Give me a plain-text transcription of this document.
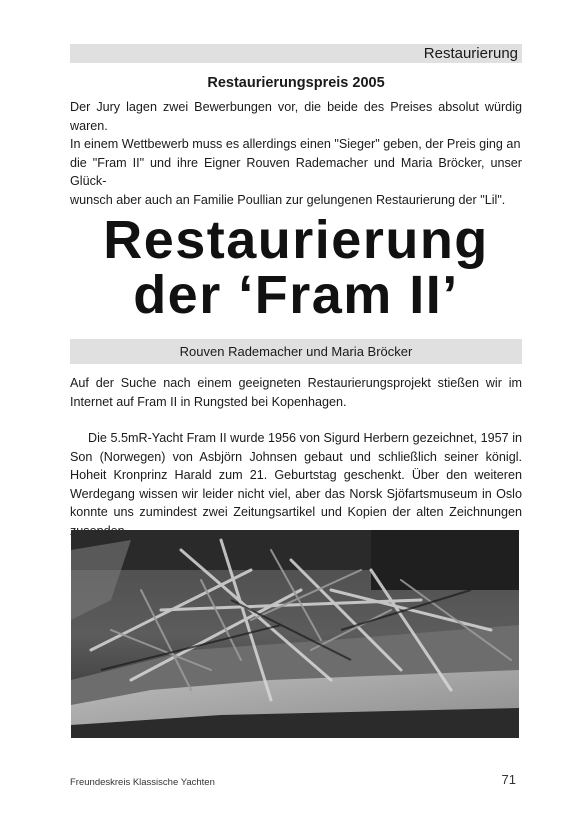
Restaurierung
Restaurierungspreis 2005

Der Jury lagen zwei Bewerbungen vor, die beide des Preises absolut würdig waren.

In einem Wettbewerb muss es allerdings einen "Sieger" geben, der Preis ging an

die "Fram II" und ihre Eigner Rouven Rademacher und Maria Bröcker, unser Glück-

wunsch aber auch an Familie Poullian zur gelungenen Restaurierung der "Lil".

Restaurierung
der ‘Fram II’
Rouven Rademacher und Maria Bröcker

Auf der Suche nach einem geeigneten Restaurierungsprojekt stießen wir im Internet auf Fram II in Rungsted bei Kopenhagen.

Die 5.5mR-Yacht Fram II wurde 1956 von Sigurd Herbern gezeichnet, 1957 in Son (Norwegen) von Asbjörn Johnsen gebaut und schließlich seiner königl. Hoheit Kronprinz Harald zum 21. Geburtstag geschenkt. Über den weiteren Werdegang wissen wir leider nicht viel, aber das Norsk Sjöfartsmuseum in Oslo konnte uns zumindest zwei Zeitungsartikel und Kopien der alten Zeichnungen

Freundeskreis Klassische Yachten	71
